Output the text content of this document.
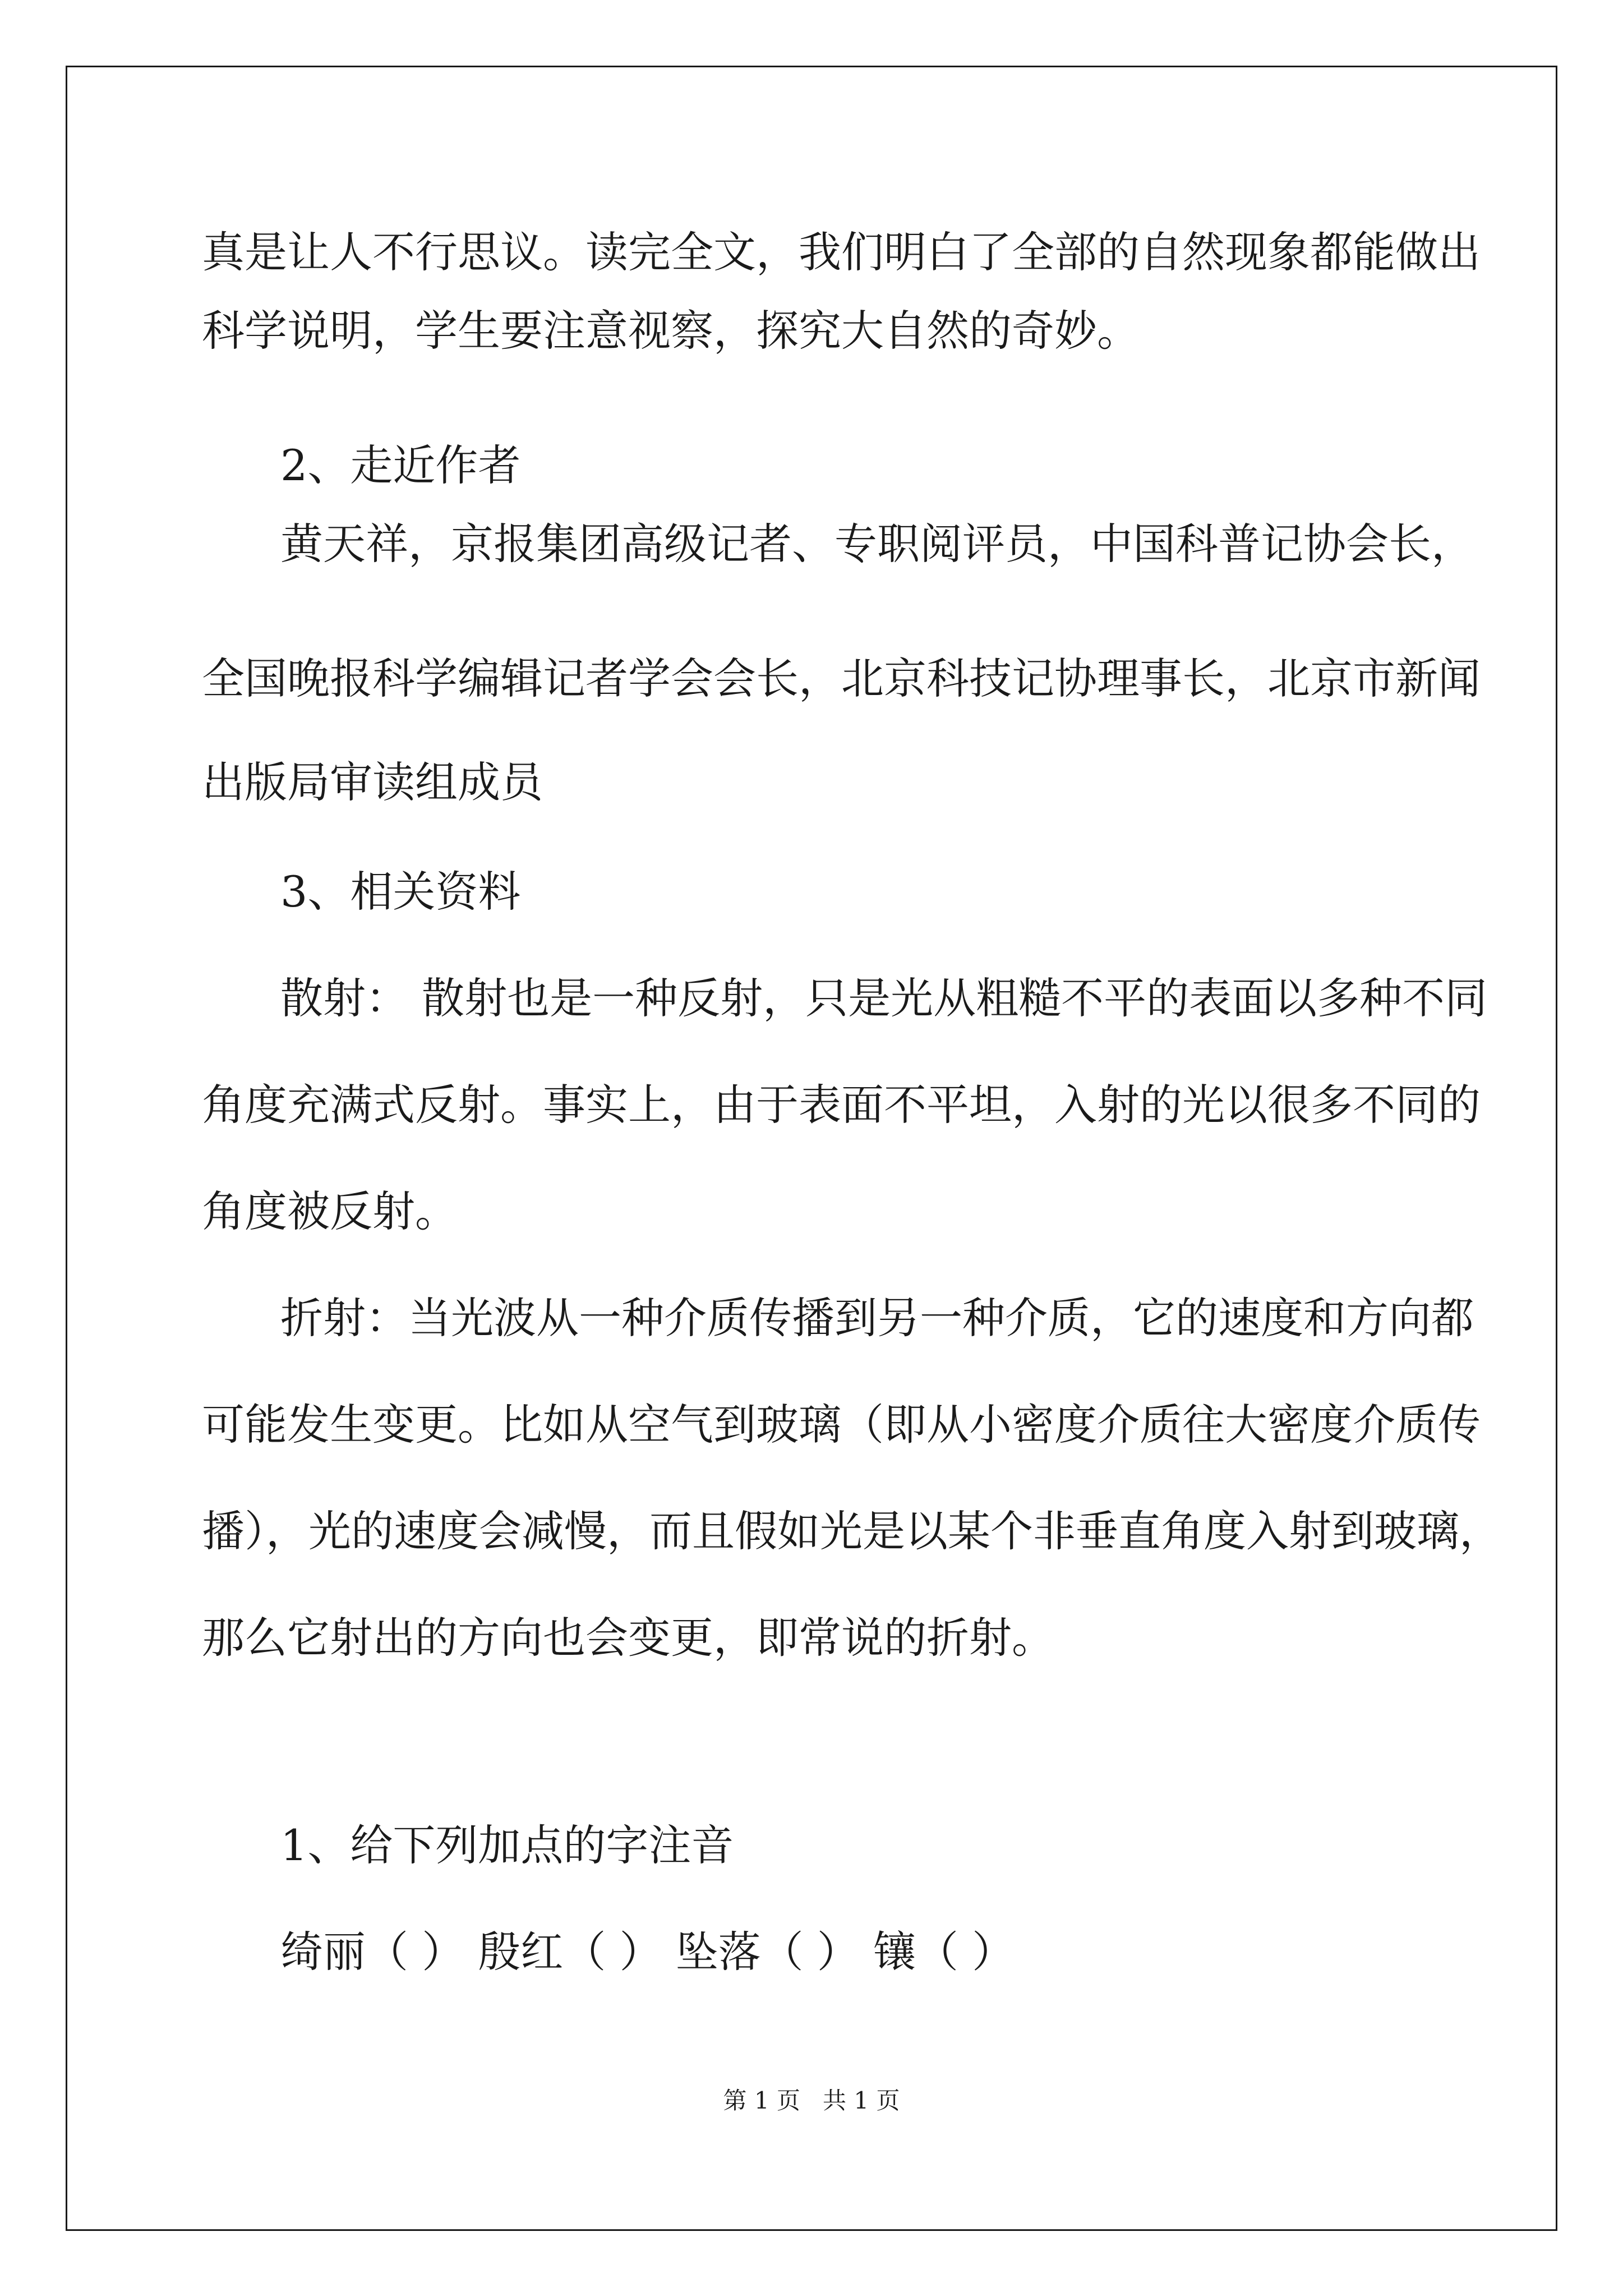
真是让人不行思议。读完全文，我们明白了全部的自然现象都能做出

科学说明，学生要注意视察，探究大自然的奇妙。

2、走近作者

黄天祥，京报集团高级记者、专职阅评员，中国科普记协会长，

全国晚报科学编辑记者学会会长，北京科技记协理事长，北京市新闻

出版局审读组成员

3、相关资料

散射： 散射也是一种反射，只是光从粗糙不平的表面以多种不同

角度充满式反射。事实上，由于表面不平坦，入射的光以很多不同的

角度被反射。

折射：当光波从一种介质传播到另一种介质，它的速度和方向都

可能发生变更。比如从空气到玻璃（即从小密度介质往大密度介质传

播），光的速度会减慢，而且假如光是以某个非垂直角度入射到玻璃，

那么它射出的方向也会变更，即常说的折射。

1、给下列加点的字注音

绮丽（ ） 殷红（ ） 坠落（ ） 镶（ ）

第 1 页   共 1 页
